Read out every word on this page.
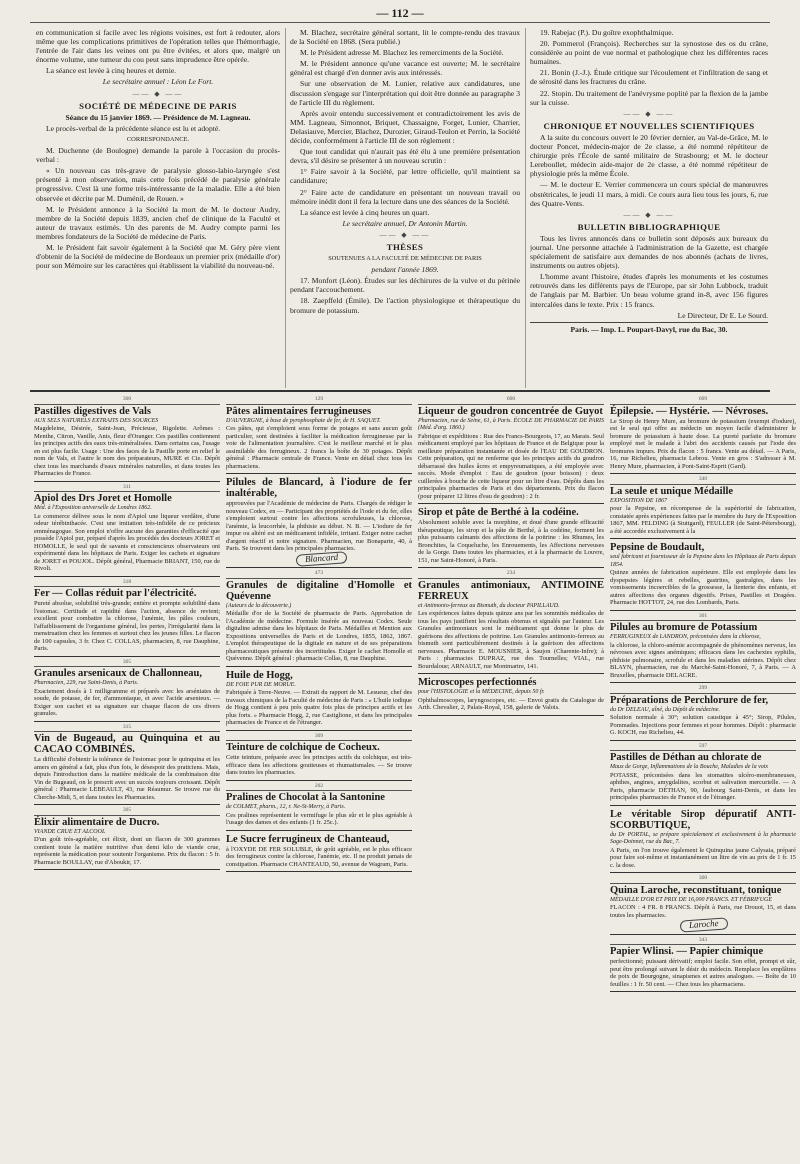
— 112 —

en communication si facile avec les régions voisines, est fort à redouter, alors même que les complications primitives de l'opération telles que l'hémorrhagie, l'entrée de l'air dans les veines ont pu être évitées, et alors que, malgré un énorme volume, une tumeur du cou peut sans imprudence être opérée.

La séance est levée à cinq heures et demie.

Le secrétaire annuel : Léon Le Fort.

—— ◆ ——

SOCIÉTÉ DE MÉDECINE DE PARIS

Séance du 15 janvier 1869. — Présidence de M. Lagneau.

Le procès-verbal de la précédente séance est lu et adopté.

CORRESPONDANCE.

M. Duchenne (de Boulogne) demande la parole à l'occasion du procès-verbal :

« Un nouveau cas très-grave de paralysie glosso-labio-laryngée s'est présenté à mon observation, mais cette fois précédé de paralysie générale progressive. C'est là une forme très-intéressante de la maladie. Elle a été bien observée et décrite par M. Duménil, de Rouen. »

M. le Président annonce à la Société la mort de M. le docteur Audry, membre de la Société depuis 1839, ancien chef de clinique de la Faculté et auteur de travaux estimés. Un des parents de M. Audry compte parmi les membres fondateurs de la Société de médecine de Paris.

M. le Président fait savoir également à la Société que M. Géry père vient d'obtenir de la Société de médecine de Bordeaux un premier prix (médaille d'or) pour son Mémoire sur les caractères qui établissent la viabilité du nouveau-né.

M. Blachez, secrétaire général sortant, lit le compte-rendu des travaux de la Société en 1868. (Sera publié.)

M. le Président adresse M. Blachez les remerciments de la Société.

M. le Président annonce qu'une vacance est ouverte; M. le secrétaire général est chargé d'en donner avis aux intéressés.

Sur une observation de M. Lunier, relative aux candidatures, une discussion s'engage sur l'interprétation qui doit être donnée au paragraphe 3 de l'article III du règlement.

Après avoir entendu successivement et contradictoirement les avis de MM. Lagneau, Simonnot, Briquet, Chassaigne, Forget, Lunier, Charrier, Delasiauve, Mercier, Blachez, Durozier, Giraud-Teulon et Perrin, la Société décide, conformément à l'article III de son règlement :

Que tout candidat qui n'aurait pas été élu à une première présentation devra, s'il désire se présenter à un nouveau scrutin :

1° Faire savoir à la Société, par lettre officielle, qu'il maintient sa candidature;

2° Faire acte de candidature en présentant un nouveau travail ou mémoire inédit dont il fera la lecture dans une des séances de la Société.

La séance est levée à cinq heures un quart.

Le secrétaire annuel, Dr Antonin Martin.

—— ◆ ——

THÈSES

SOUTENUES A LA FACULTÉ DE MÉDECINE DE PARIS

pendant l'année 1869.

17. Monfort (Léon). Études sur les déchirures de la vulve et du périnée pendant l'accouchement.

18. Zaepffeld (Émile). De l'action physiologique et thérapeutique du bromure de potassium.

19. Rabejac (P.). Du goître exophthalmique.

20. Pommerol (François). Recherches sur la synostose des os du crâne, considérée au point de vue normal et pathologique chez les différentes races humaines.

21. Bonin (J.-J.). Étude critique sur l'écoulement et l'infiltration de sang et de sérosité dans les fractures du crâne.

22. Stopin. Du traitement de l'anévrysme poplité par la flexion de la jambe sur la cuisse.

—— ◆ ——

CHRONIQUE ET NOUVELLES SCIENTIFIQUES

A la suite du concours ouvert le 20 février dernier, au Val-de-Grâce, M. le docteur Poncet, médecin-major de 2e classe, a été nommé répétiteur de chirurgie près l'École de santé militaire de Strasbourg; et M. le docteur Lereboullet, médecin aide-major de 2e classe, a été nommé répétiteur de physiologie près la même École.

— M. le docteur E. Verrier commencera un cours spécial de manœuvres obstétricales, le jeudi 11 mars, à midi. Ce cours aura lieu tous les jours, 6, rue des Quatre-Vents.

—— ◆ ——

BULLETIN BIBLIOGRAPHIQUE

Tous les livres annoncés dans ce bulletin sont déposés aux bureaux du journal. Une personne attachée à l'administration de la Gazette, est chargée spécialement de satisfaire aux demandes de nos abonnés (achats de livres, instruments ou autres objets).

L'homme avant l'histoire, études d'après les monuments et les costumes retrouvés dans les différents pays de l'Europe, par sir John Lubbock, traduit de l'anglais par M. Barbier. Un beau volume grand in-8, avec 156 figures intercalées dans le texte. Prix : 15 francs.

Le Directeur, Dr E. Le Sourd.

Paris. — Imp. L. Poupart-Davyl, rue du Bac, 30.

300
Pastilles digestives de Vals
AUX SELS NATURELS EXTRAITS DES SOURCES
Magdeleine, Désirée, Saint-Jean, Précieuse, Rigolette. Arômes : Menthe, Citron, Vanille, Anis, fleur d'Oranger. Ces pastilles contiennent les principes actifs des eaux très-minéralisées. Dans certains cas, l'usage en est plus facile. Usage : Une des faces de la Pastille porte en relief le nom de Vals, et l'autre le nom des préparateurs, MURE et Cie. Dépôt chez tous les marchands d'eaux minérales naturelles, et dans toutes les Pharmacies de France.
311
Apiol des Drs Joret et Homolle
Méd. à l'Exposition universelle de Londres 1862.
Le commerce délivre sous le nom d'Apiol une liqueur verdâtre, d'une odeur térébinthacée. C'est une imitation très-infidèle de ce précieux emménagogue. Son emploi n'offre aucune des garanties d'efficacité que possède l'Apiol pur, préparé d'après les procédés des docteurs JORET et HOMOLLE, le seul qui de savants et consciencieux observateurs ont expérimenté dans les hôpitaux de Paris. Exiger les cachets et signature de JORET et POUJOL. Dépôt général, Pharmacie BRIANT, 150, rue de Rivoli.
318
Fer — Collas réduit par l'électricité.
Pureté absolue, solubilité très-grande; entière et prompte solubilité dans l'estomac. Certitude et rapidité dans l'action, absence de revient; excellent pour combattre la chlorose, l'anémie, les pâles couleurs, l'affaiblissement de l'organisme général, les pertes, l'irrégularité dans la menstruation chez les femmes et surtout chez les jeunes filles. Le flacon de 100 capsules, 3 fr. Chez C. COLLAS, pharmacien, 8, rue Dauphine, Paris.
305
Granules arsenicaux de Challonneau,
Pharmacien, 229, rue Saint-Denis, à Paris.
Exactement dosés à 1 milligramme et préparés avec les arséniates de soude, de potasse, de fer, d'ammoniaque, et avec l'acide arsenieux. — Exiger son cachet et sa signature sur chaque flacon de ces divers granules.
315
Vin de Bugeaud, au Quinquina et au CACAO COMBINÉS.
La difficulté d'obtenir la tolérance de l'estomac pour le quinquina et les amers en général a fait, plus d'un fois, le désespoir des praticiens. Mais, depuis l'introduction dans la matière médicale de la combinaison dite Vin de Bugeaud, on le prescrit avec un succès toujours croissant. Dépôt général : Pharmacie LEBEAULT, 43, rue Réaumur. Se trouve rue du Cherche-Midi, 5, et dans toutes les Pharmacies.
305
Élixir alimentaire de Ducro.
VIANDE CRUE ET ALCOOL
D'un goût très-agréable, cet élixir, dont un flacon de 300 grammes contient toute la matière nutritive d'un demi kilo de viande crue, représente la médication pour soutenir l'organisme. Prix du flacon : 5 fr. Pharmacie BOULLAY, rue d'Aboukir, 17.
129
Pâtes alimentaires ferrugineuses
D'AUVERGNE, à base de pyrophosphate de fer, de H. SAQUET.
Ces pâtes, qui s'emploient sous forme de potages et sans aucun goût particulier, sont destinées à faciliter la médication ferrugineuse par la voie de l'alimentation journalière. C'est le meilleur marché et le plus assimilable des ferrugineux. 2 francs la boîte de 30 potages. Dépôt général : Pharmacie centrale de France. Vente en détail chez tous les pharmaciens.
Pilules de Blancard, à l'iodure de fer inaltérable,
approuvées par l'Académie de médecine de Paris. Chargés de rédiger le nouveau Codex, en — Participant des propriétés de l'iode et du fer, elles s'emploient surtout contre les affections scrofuleuses, la chlorose, l'anémie, la leucorrhée, la phthisie au début. N. B. — L'iodure de fer impur ou altéré est un médicament infidèle, irritant. Exiger notre cachet d'argent réactif et notre signature. Pharmacien, rue Bonaparte, 40, à Paris. Se trouvent dans les principales pharmacies.
Blancard
473
Granules de digitaline d'Homolle et Quévenne
(Auteurs de la découverte.)
Médaille d'or de la Société de pharmacie de Paris. Approbation de l'Académie de médecine. Formule insérée au nouveau Codex. Seule digitaline admise dans les hôpitaux de Paris. Médailles et Mention aux Expositions universelles de Paris et de Londres, 1855, 1862, 1867. L'emploi thérapeutique de la digitale en nature et de ses préparations pharmaceutiques présente des incertitudes. Exiger le cachet Homolle et Quévenne. Dépôt général : pharmacie Collas, 8, rue Dauphine.
Huile de Hogg,
DE FOIE PUR DE MORUE.
Fabriquée à Terre-Neuve. — Extrait du rapport de M. Lesueur, chef des travaux chimiques de la Faculté de médecine de Paris : « L'huile iodique de Hogg contient à peu près quatre fois plus de principes actifs et les plus forts. » Pharmacie Hogg, 2, rue Castiglione, et dans les principales pharmacies de France et de l'étranger.
309
Teinture de colchique de Cocheux.
Cette teinture, préparée avec les principes actifs du colchique, est très-efficace dans les affections goutteuses et rhumatismales. — Se trouve dans toutes les pharmacies.
202
Pralines de Chocolat à la Santonine
de COLMET, pharm., 12, r. Ne-St-Merry, à Paris.
Ces pralines représentent le vermifuge le plus sûr et le plus agréable à l'usage des dames et des enfants (1 fr. 25c.).
Le Sucre ferrugineux de Chanteaud,
à l'OXYDE DE FER SOLUBLE, de goût agréable, est le plus efficace des ferrugineux contre la chlorose, l'anémie, etc. Il ne produit jamais de constipation. Pharmacie CHANTEAUD, 50, avenue de Wagram, Paris.
600
Liqueur de goudron concentrée de Guyot
Pharmacien, rue de Seine, 61, à Paris. ÉCOLE DE PHARMACIE DE PARIS (Méd. d'arg. 1860.)
Fabrique et expéditions : Rue des Francs-Bourgeois, 17, au Marais. Seul médicament employé par les hôpitaux de France et de Belgique pour la meilleure préparation instantanée et dosée de l'EAU DE GOUDRON. Cette préparation, qui ne renferme que les principes actifs du goudron débarrassé des huiles âcres et empyreumatiques, a été employée avec succès. Mode d'emploi : Eau de goudron (pour boisson) : deux cuillerées à bouche de cette liqueur pour un litre d'eau. Dépôts dans les principales pharmacies de Paris et des départements. Prix du flacon (pour préparer 12 litres d'eau de goudron) : 2 fr.
Sirop et pâte de Berthé à la codéine.
Absolument soluble avec la morphine, et doué d'une grande efficacité thérapeutique, les sirop et la pâte de Berthé, à la codéine, forment les plus puissants calmants des affections de la poitrine : les Rhumes, les Bronchites, la Coqueluche, les Enrouements, les Affections nerveuses de la Gorge. Dans toutes les pharmacies, et à la pharmacie du Louvre, 151, rue Saint-Honoré, à Paris.
234
Granules antimoniaux, ANTIMOINE FERREUX
et Antimonio-ferreux au Bismuth, du docteur PAPILLAUD.
Les expériences faites depuis quinze ans par les sommités médicales de tous les pays justifient les résultats obtenus et signalés par l'auteur. Les Granules antimoniaux sont le médicament qui donne le plus de guérisons des affections de poitrine. Les Granules antimonio-ferreux au bismuth sont particulièrement destinés à la guérison des affections nerveuses. Pharmacie E. MOUSNIER, à Saujon (Charente-Infre); à Paris : pharmacies DUPRAZ, rue des Tournelles; VIAL, rue Bourdaloue; ARNAULT, rue Montmartre, 141.
Microscopes perfectionnés
pour l'HISTOLOGIE et la MÉDECINE, depuis 50 fr.
Ophthalmoscopes, laryngoscopes, etc. — Envoi gratis du Catalogue de Arth. Chevalier, 2, Palais-Royal, 158, galerie de Valois.
609
Épilepsie. — Hystérie. — Névroses.
Le Sirop de Henry Mure, au bromure de potassium (exempt d'iodure), est le seul qui offre au médecin un moyen facile d'administrer le bromure de potassium à haute dose. La pureté parfaite du bromure employé met le malade à l'abri des accidents causés par l'iode des bromures impurs. Prix du flacon : 5 francs. Vente au détail. — A Paris, 16, rue Richelieu, pharmacie Lebrou. Vente en gros : S'adresser à M. Henry Mure, pharmacien, à Pont-Saint-Esprit (Gard).
340
La seule et unique Médaille
EXPOSITION DE 1867
pour la Pepsine, en récompense de la supériorité de fabrication, constatée après expériences faites par le membre du Jury de l'Exposition 1867, MM. FELDING (à Stuttgard), FEULLER (de Saint-Pétersbourg), a été accordée exclusivement à la
Pepsine de Boudault,
seul fabricant et fournisseur de la Pepsine dans les Hôpitaux de Paris depuis 1854.
Quinze années de fabrication supérieure. Elle est employée dans les dyspepsies légères et rebelles, gastrites, gastralgies, dans les vomissements incoercibles de la grossesse, la lienterie des enfants, et autres affections des organes digestifs. Prises, Pastilles et Dragées. Pharmacie HOTTOT, 24, rue des Lombards, Paris.
301
Pilules au bromure de Potassium
FERRUGINEUX de LANDRON, préconisées dans la chlorose,
la chlorose, la chloro-anémie accompagnée de phénomènes nerveux, les névroses avec signes anémiques; efficaces dans les cachexies syphilis, phthisie pulmonaire, scrofule et dans les maladies utérines. Dépôt chez BLAYN, pharmacien, rue du Marché-Saint-Honoré, 7, à Paris. — A Bruxelles, pharmacie DELACRE.
299
Préparations de Perchlorure de fer,
du Dr DELEAU, aîné, du Dépôt de médecine.
Solution normale à 30°; solution caustique à 45°; Sirop, Pilules, Pommades. Injections pour femmes et pour hommes. Dépôt : pharmacie G. KOCH, rue Richelieu, 44.
597
Pastilles de Déthan au chlorate de
Maux de Gorge, Inflammations de la Bouche, Maladies de la voix
POTASSE, préconisées dans les stomatites ulcéro-membraneuses, aphthes, angines, amygdalites, scorbut et salivation mercurielle. — A Paris, pharmacie DÉTHAN, 90, faubourg Saint-Denis, et dans les principales pharmacies de France et de l'étranger.
Le véritable Sirop dépuratif ANTI-SCORBUTIQUE,
du Dr PORTAL, se prépare spécialement et exclusivement à la pharmacie Sage-Doinnet, rue du Bac, 7.
A Paris, on l'on trouve également le Quinquina jaune Calysaia, préparé pour faire soi-même et instantanément un litre de vin au prix de 1 fr. 15 c. la dose.
300
Quina Laroche, reconstituant, tonique
MÉDAILLE D'OR ET PRIX DE 16,000 FRANCS. ET FÉBRIFUGE
FLACON : 4 FR. 8 FRANCS. Dépôt à Paris, rue Drouot, 15, et dans toutes les pharmacies.
Laroche
343
Papier Wlinsi. — Papier chimique
perfectionné; puissant dérivatif; emploi facile. Son effet, prompt et sûr, peut être prolongé suivant le désir du médecin. Remplace les emplâtres de poix de Bourgogne, sinapismes et autres analogues. — Boîte de 10 feuilles : 1 fr. 50 cent. — Chez tous les pharmaciens.
